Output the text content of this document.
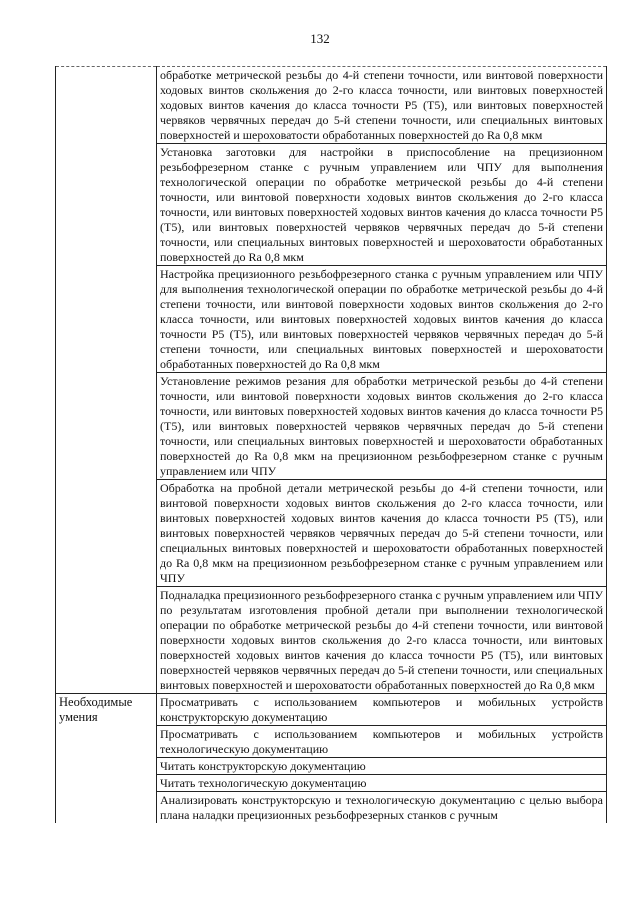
132
	обработке метрической резьбы до 4-й степени точности, или винтовой поверхности ходовых винтов скольжения до 2-го класса точности, или винтовых поверхностей ходовых винтов качения до класса точности P5 (T5), или винтовых поверхностей червяков червячных передач до 5-й степени точности, или специальных винтовых поверхностей и шероховатости обработанных поверхностей до Ra 0,8 мкм
	Установка заготовки для настройки в приспособление на прецизионном резьбофрезерном станке с ручным управлением или ЧПУ для выполнения технологической операции по обработке метрической резьбы до 4-й степени точности, или винтовой поверхности ходовых винтов скольжения до 2-го класса точности, или винтовых поверхностей ходовых винтов качения до класса точности P5 (T5), или винтовых поверхностей червяков червячных передач до 5-й степени точности, или специальных винтовых поверхностей и шероховатости обработанных поверхностей до Ra 0,8 мкм
	Настройка прецизионного резьбофрезерного станка с ручным управлением или ЧПУ для выполнения технологической операции по обработке метрической резьбы до 4-й степени точности, или винтовой поверхности ходовых винтов скольжения до 2-го класса точности, или винтовых поверхностей ходовых винтов качения до класса точности P5 (T5), или винтовых поверхностей червяков червячных передач до 5-й степени точности, или специальных винтовых поверхностей и шероховатости обработанных поверхностей до Ra 0,8 мкм
	Установление режимов резания для обработки метрической резьбы до 4-й степени точности, или винтовой поверхности ходовых винтов скольжения до 2-го класса точности, или винтовых поверхностей ходовых винтов качения до класса точности P5 (T5), или винтовых поверхностей червяков червячных передач до 5-й степени точности, или специальных винтовых поверхностей и шероховатости обработанных поверхностей до Ra 0,8 мкм на прецизионном резьбофрезерном станке с ручным управлением или ЧПУ
	Обработка на пробной детали метрической резьбы до 4-й степени точности, или винтовой поверхности ходовых винтов скольжения до 2-го класса точности, или винтовых поверхностей ходовых винтов качения до класса точности P5 (T5), или винтовых поверхностей червяков червячных передач до 5-й степени точности, или специальных винтовых поверхностей и шероховатости обработанных поверхностей до Ra 0,8 мкм на прецизионном резьбофрезерном станке с ручным управлением или ЧПУ
	Подналадка прецизионного резьбофрезерного станка с ручным управлением или ЧПУ по результатам изготовления пробной детали при выполнении технологической операции по обработке метрической резьбы до 4-й степени точности, или винтовой поверхности ходовых винтов скольжения до 2-го класса точности, или винтовых поверхностей ходовых винтов качения до класса точности P5 (T5), или винтовых поверхностей червяков червячных передач до 5-й степени точности, или специальных винтовых поверхностей и шероховатости обработанных поверхностей до Ra 0,8 мкм
Необходимые умения	Просматривать с использованием компьютеров и мобильных устройств конструкторскую документацию
	Просматривать с использованием компьютеров и мобильных устройств технологическую документацию
	Читать конструкторскую документацию
	Читать технологическую документацию
	Анализировать конструкторскую и технологическую документацию с целью выбора плана наладки прецизионных резьбофрезерных станков с ручным
